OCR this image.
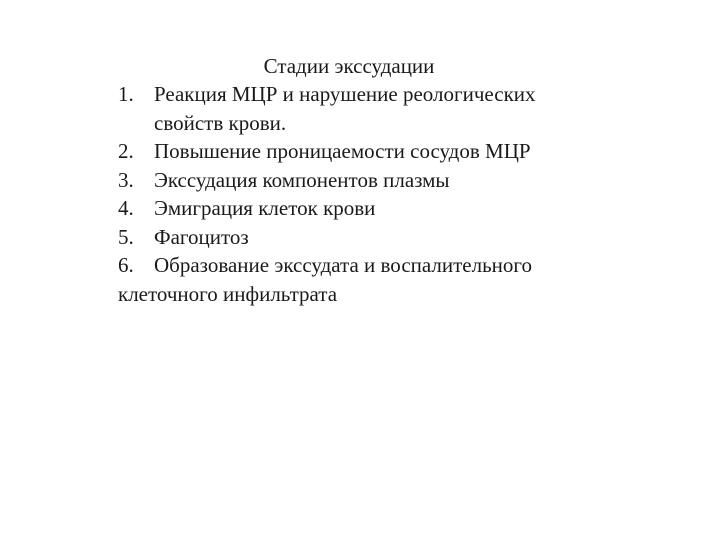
Стадии экссудации
1. Реакция МЦР и нарушение реологических
свойств крови.
2. Повышение проницаемости сосудов МЦР
3. Экссудация компонентов плазмы
4. Эмиграция клеток крови
5. Фагоцитоз
6. Образование экссудата и воспалительного
клеточного инфильтрата
